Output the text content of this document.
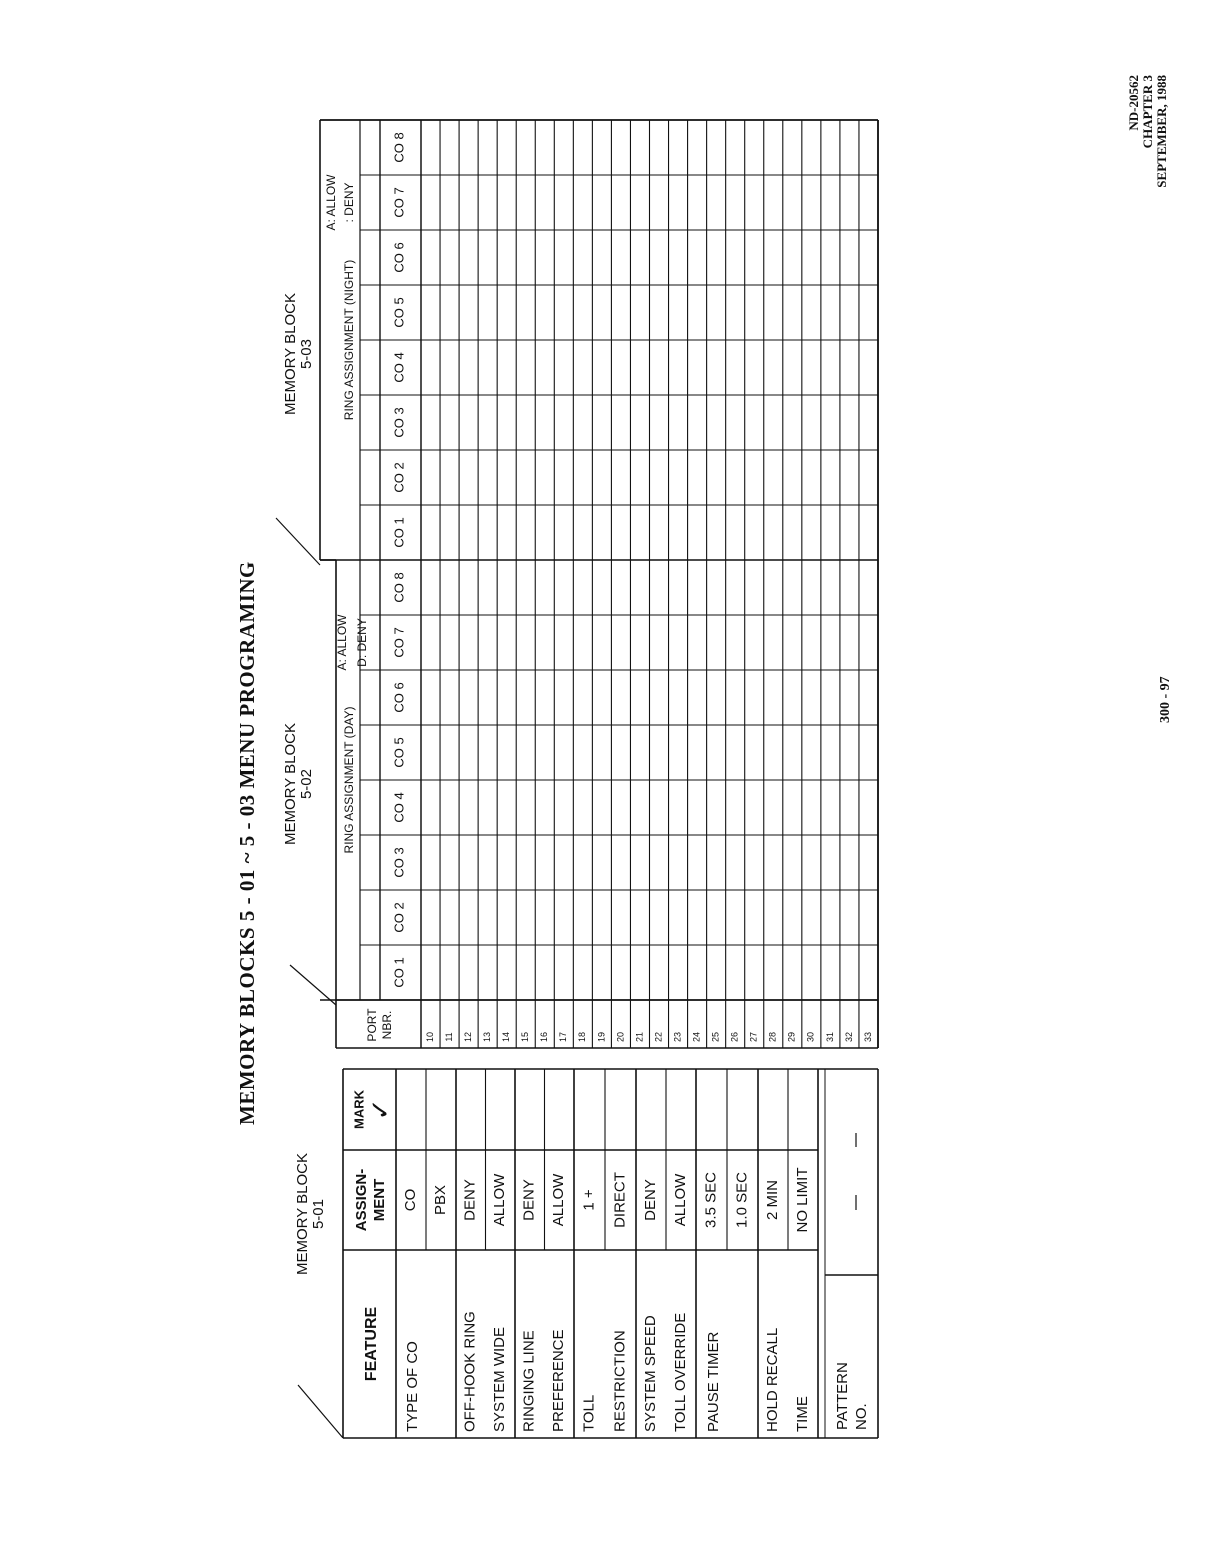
ND-20562 CHAPTER 3 SEPTEMBER, 1988
MEMORY BLOCKS 5 - 01 ~ 5 - 03 MENU PROGRAMING	300 - 97
MEMORY BLOCK 5-01
MEMORY BLOCK 5-02
MEMORY BLOCK 5-03
FEATURE
ASSIGN- MENT
MARK
✓
TYPE OF CO
CO PBX
OFF-HOOK RING SYSTEM WIDE
DENY ALLOW
RINGING LINE PREFERENCE
DENY ALLOW
TOLL RESTRICTION
1 + DIRECT
SYSTEM SPEED TOLL OVERRIDE
DENY ALLOW
PAUSE TIMER
3.5 SEC 1.0 SEC
HOLD RECALL TIME
2 MIN NO LIMIT
PATTERN NO.
CO 1
CO 2
CO 3
CO 4
CO 5
CO 6
CO 7
CO 8
CO 1
CO 2
CO 3
CO 4
CO 5
CO 6
CO 7
CO 8
RING ASSIGNMENT (DAY)
RING ASSIGNMENT (NIGHT)
A: ALLOW D: DENY
A: ALLOW : DENY
PORT NBR.	10 11 12 13 14 15 16 17 18 19 20 21 22 23 24 25 26 27 28 29 30 31 32 33
